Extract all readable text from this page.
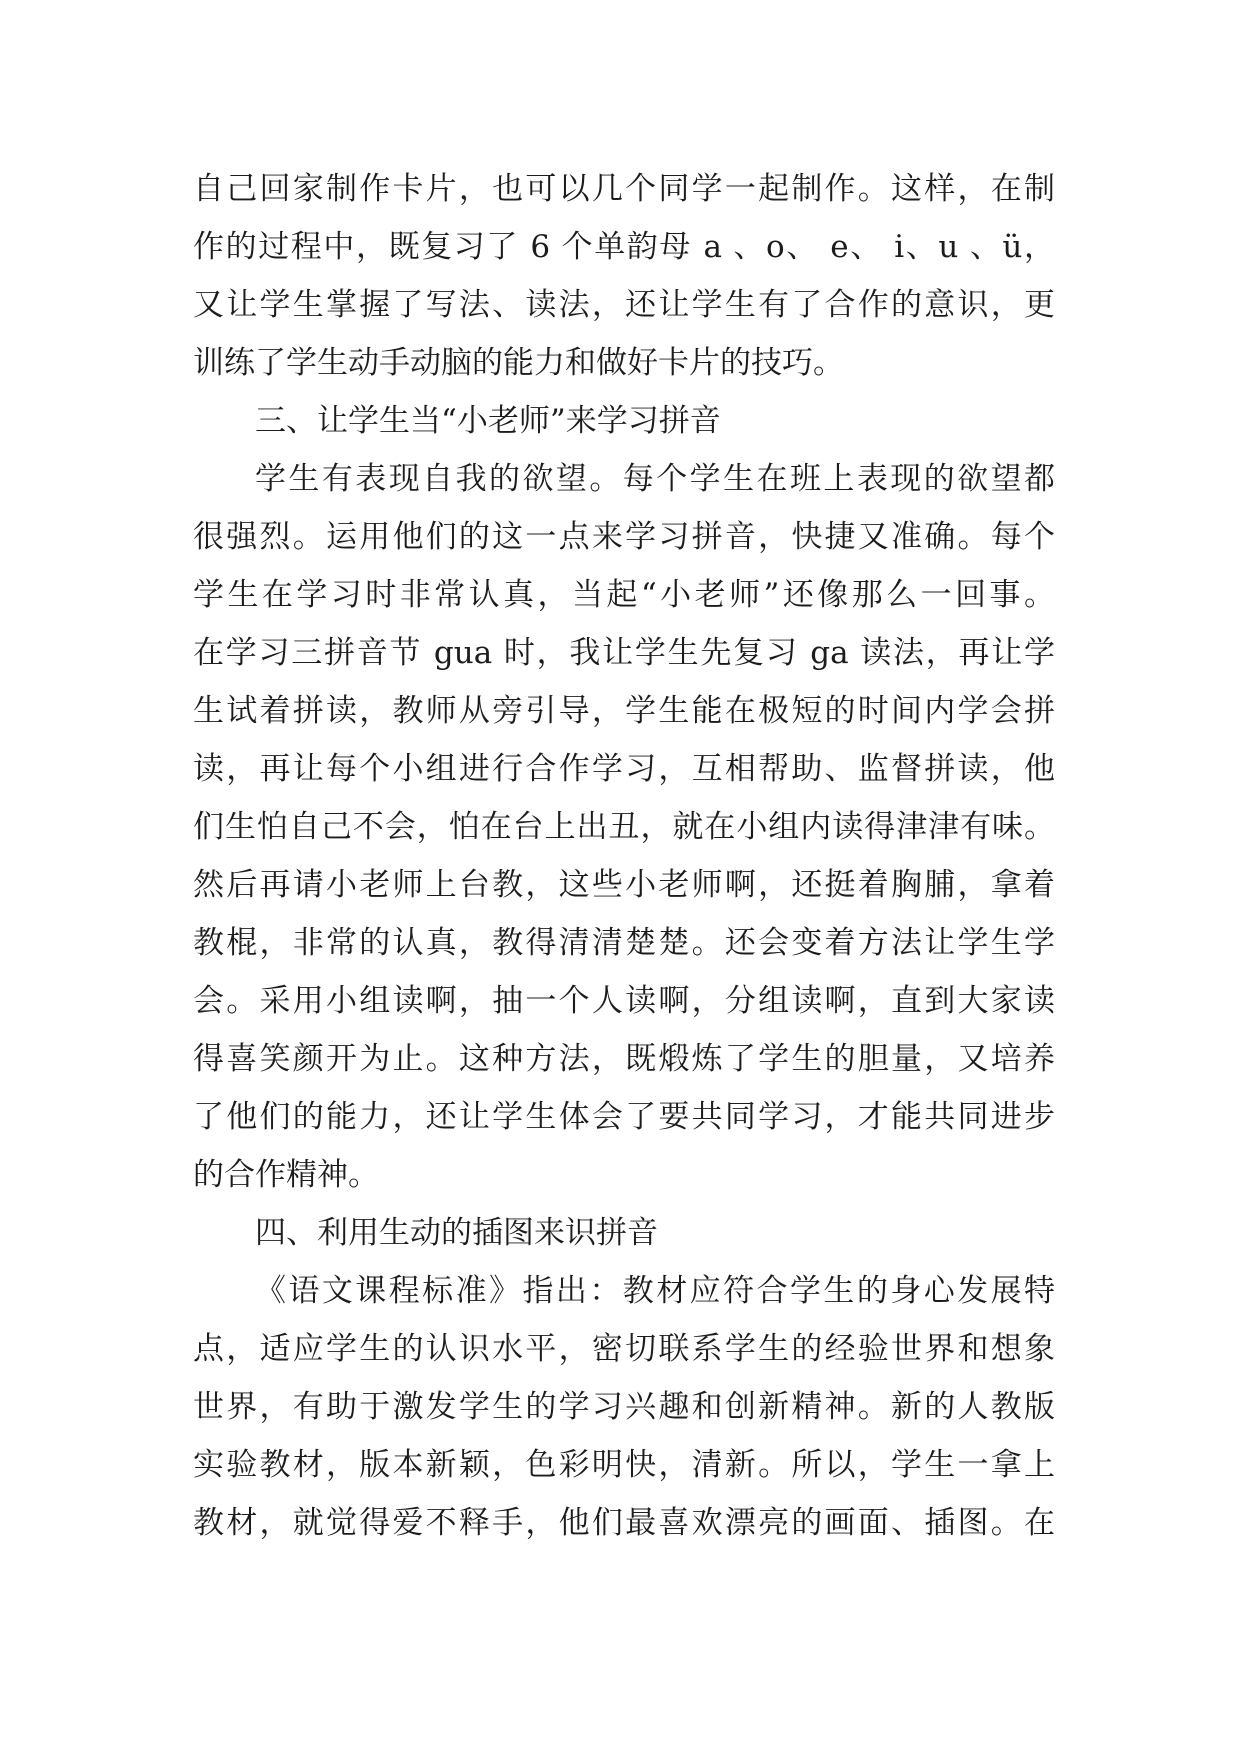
自己回家制作卡片，也可以几个同学一起制作。这样，在制
作的过程中，既复习了 6 个单韵母 a 、o、 e、 i、u 、ü，
又让学生掌握了写法、读法，还让学生有了合作的意识，更
训练了学生动手动脑的能力和做好卡片的技巧。
三、让学生当“小老师”来学习拼音
学生有表现自我的欲望。每个学生在班上表现的欲望都
很强烈。运用他们的这一点来学习拼音，快捷又准确。每个
学生在学习时非常认真，当起“小老师”还像那么一回事。
在学习三拼音节 gua 时，我让学生先复习 ga 读法，再让学
生试着拼读，教师从旁引导，学生能在极短的时间内学会拼
读，再让每个小组进行合作学习，互相帮助、监督拼读，他
们生怕自己不会，怕在台上出丑，就在小组内读得津津有味。
然后再请小老师上台教，这些小老师啊，还挺着胸脯，拿着
教棍，非常的认真，教得清清楚楚。还会变着方法让学生学
会。采用小组读啊，抽一个人读啊，分组读啊，直到大家读
得喜笑颜开为止。这种方法，既煅炼了学生的胆量，又培养
了他们的能力，还让学生体会了要共同学习，才能共同进步
的合作精神。
四、利用生动的插图来识拼音
《语文课程标准》指出：教材应符合学生的身心发展特
点，适应学生的认识水平，密切联系学生的经验世界和想象
世界，有助于激发学生的学习兴趣和创新精神。新的人教版
实验教材，版本新颖，色彩明快，清新。所以，学生一拿上
教材，就觉得爱不释手，他们最喜欢漂亮的画面、插图。在
